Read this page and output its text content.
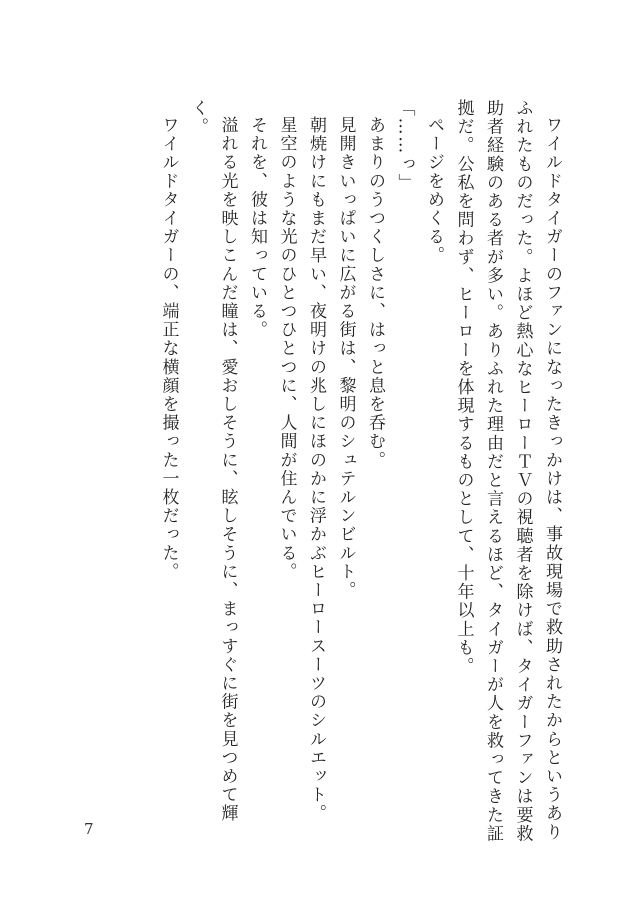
ワイルドタイガーのファンになったきっかけは、事故現場で救助されたからというありふれたものだった。よほど熱心なヒーローＴＶの視聴者を除けば、タイガーファンは要救助者経験のある者が多い。ありふれた理由だと言えるほど、タイガーが人を救ってきた証拠だ。公私を問わず、ヒーローを体現するものとして、十年以上も。

ページをめくる。

「……っ」

あまりのうつくしさに、はっと息を呑む。

見開きいっぱいに広がる街は、黎明のシュテルンビルト。

朝焼けにもまだ早い、夜明けの兆しにほのかに浮かぶヒーロースーツのシルエット。

星空のような光のひとつひとつに、人間が住んでいる。

それを、彼は知っている。

溢れる光を映しこんだ瞳は、愛おしそうに、眩しそうに、まっすぐに街を見つめて輝く。

ワイルドタイガーの、端正な横顔を撮った一枚だった。

7
